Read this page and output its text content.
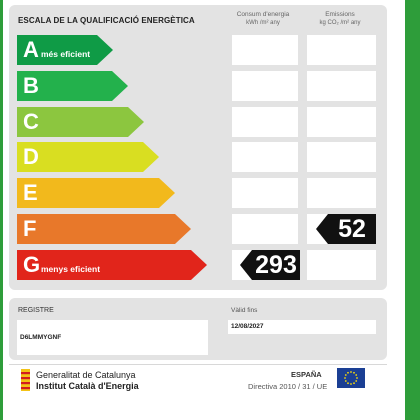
ESCALA DE LA QUALIFICACIÓ ENERGÈTICA
Consum d'energia
kWh /m² any
Emissions
kg CO₂ /m² any
A més eficient
B
C
D
E
F
G menys eficient	293
52
REGISTRE
D6LMMYGNF
Vàlid fins
12/08/2027
Generalitat de Catalunya
Institut Català d'Energia
ESPAÑA
Directiva 2010 / 31 / UE
